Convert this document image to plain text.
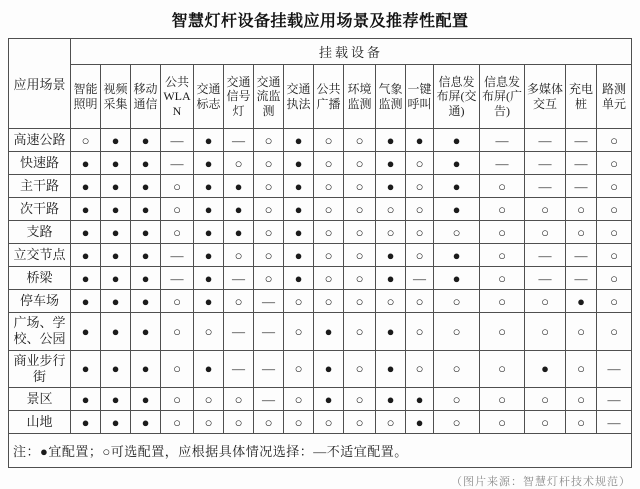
智慧灯杆设备挂载应用场景及推荐性配置
应用场景	挂载设备																
	智能照明	视频采集	移动通信	公共WLAN	交通标志	交通信号灯	交通流监测	交通执法	公共广播	环境监测	气象监测	一键呼叫	信息发布屏(交通)	信息发布屏(广告)	多媒体交互	充电桩	路测单元
高速公路	○	●	●	—	●	—	○	●	○	○	●	●	●	—	—	—	○
快速路	●	●	●	—	●	○	○	●	○	○	●	○	●	—	—	—	○
主干路	●	●	●	○	●	●	○	●	○	○	●	○	●	○	—	—	○
次干路	●	●	●	○	●	●	○	●	○	○	○	○	●	○	○	○	○
支路	●	●	●	○	●	●	○	●	○	○	○	○	○	○	○	○	○
立交节点	●	●	●	—	●	○	○	●	○	○	●	○	●	○	—	—	○
桥梁	●	●	●	—	●	—	○	●	○	○	●	—	●	○	—	—	○
停车场	●	●	●	○	●	○	—	○	○	○	○	○	○	○	○	●	○
广场、学校、公园	●	●	●	○	○	—	—	○	●	○	●	○	○	○	○	○	○
商业步行街	●	●	●	○	●	—	—	○	●	○	●	○	○	○	●	○	—
景区	●	●	●	○	○	○	—	○	●	○	●	●	○	○	○	○	—
山地	●	●	●	○	○	○	○	○	○	○	○	●	○	○	○	○	—
注：●宜配置；○可选配置，应根据具体情况选择：—不适宜配置。																	
（图片来源：智慧灯杆技术规范）
